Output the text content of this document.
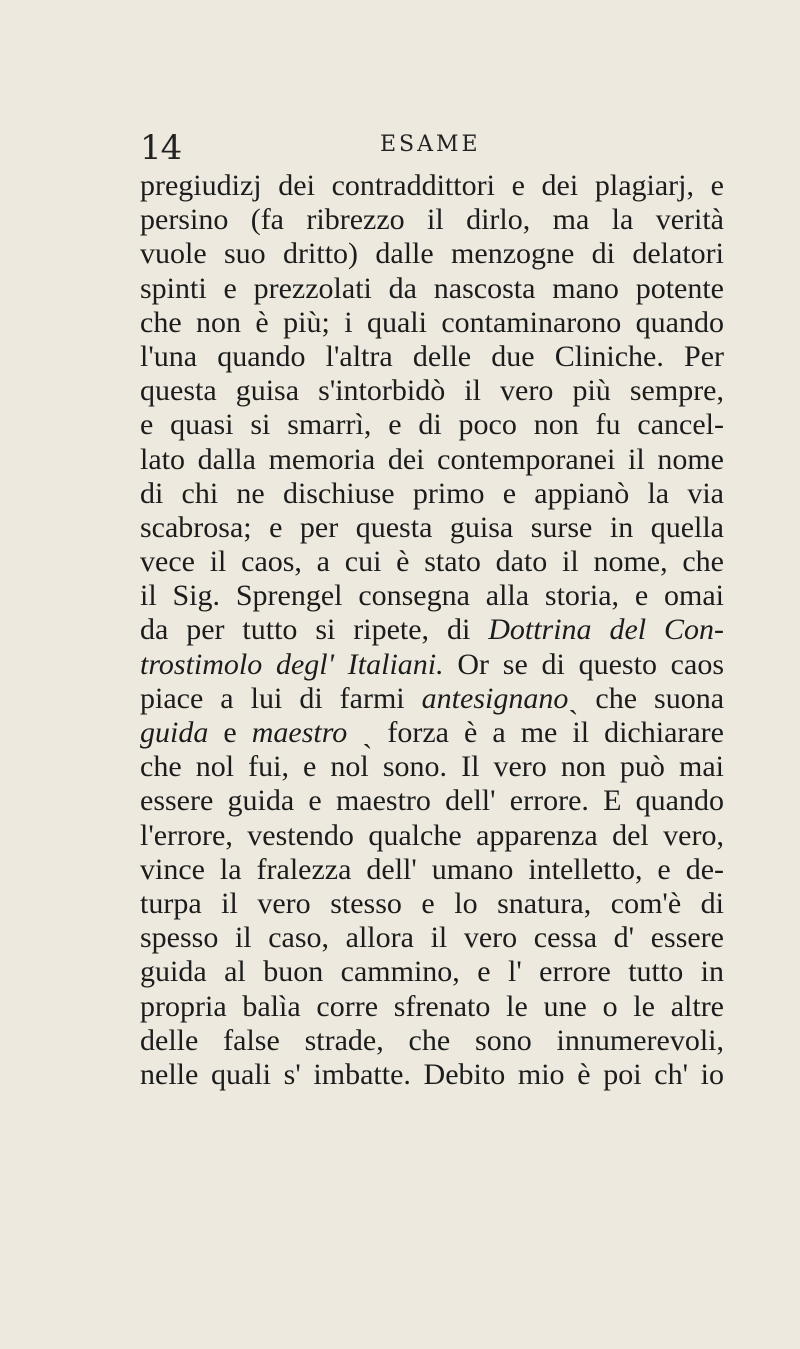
14	ESAME
pregiudizj dei contraddittori e dei plagiarj, e
persino (fa ribrezzo il dirlo, ma la verità
vuole suo dritto) dalle menzogne di delatori
spinti e prezzolati da nascosta mano potente
che non è più; i quali contaminarono quando
l'una quando l'altra delle due Cliniche. Per
questa guisa s'intorbidò il vero più sempre,
e quasi si smarrì, e di poco non fu cancel-
lato dalla memoria dei contemporanei il nome
di chi ne dischiuse primo e appianò la via
scabrosa; e per questa guisa surse in quella
vece il caos, a cui è stato dato il nome, che
il Sig. Sprengel consegna alla storia, e omai
da per tutto si ripete, di Dottrina del Con-
trostimolo degl' Italiani. Or se di questo caos
piace a lui di farmi antesignanoˏ che suona
guida e maestro ˏ forza è a me il dichiarare
che nol fui, e nol sono. Il vero non può mai
essere guida e maestro dell' errore. E quando
l'errore, vestendo qualche apparenza del vero,
vince la fralezza dell' umano intelletto, e de-
turpa il vero stesso e lo snatura, com'è di
spesso il caso, allora il vero cessa d' essere
guida al buon cammino, e l' errore tutto in
propria balìa corre sfrenato le une o le altre
delle false strade, che sono innumerevoli,
nelle quali s' imbatte. Debito mio è poi ch' io
